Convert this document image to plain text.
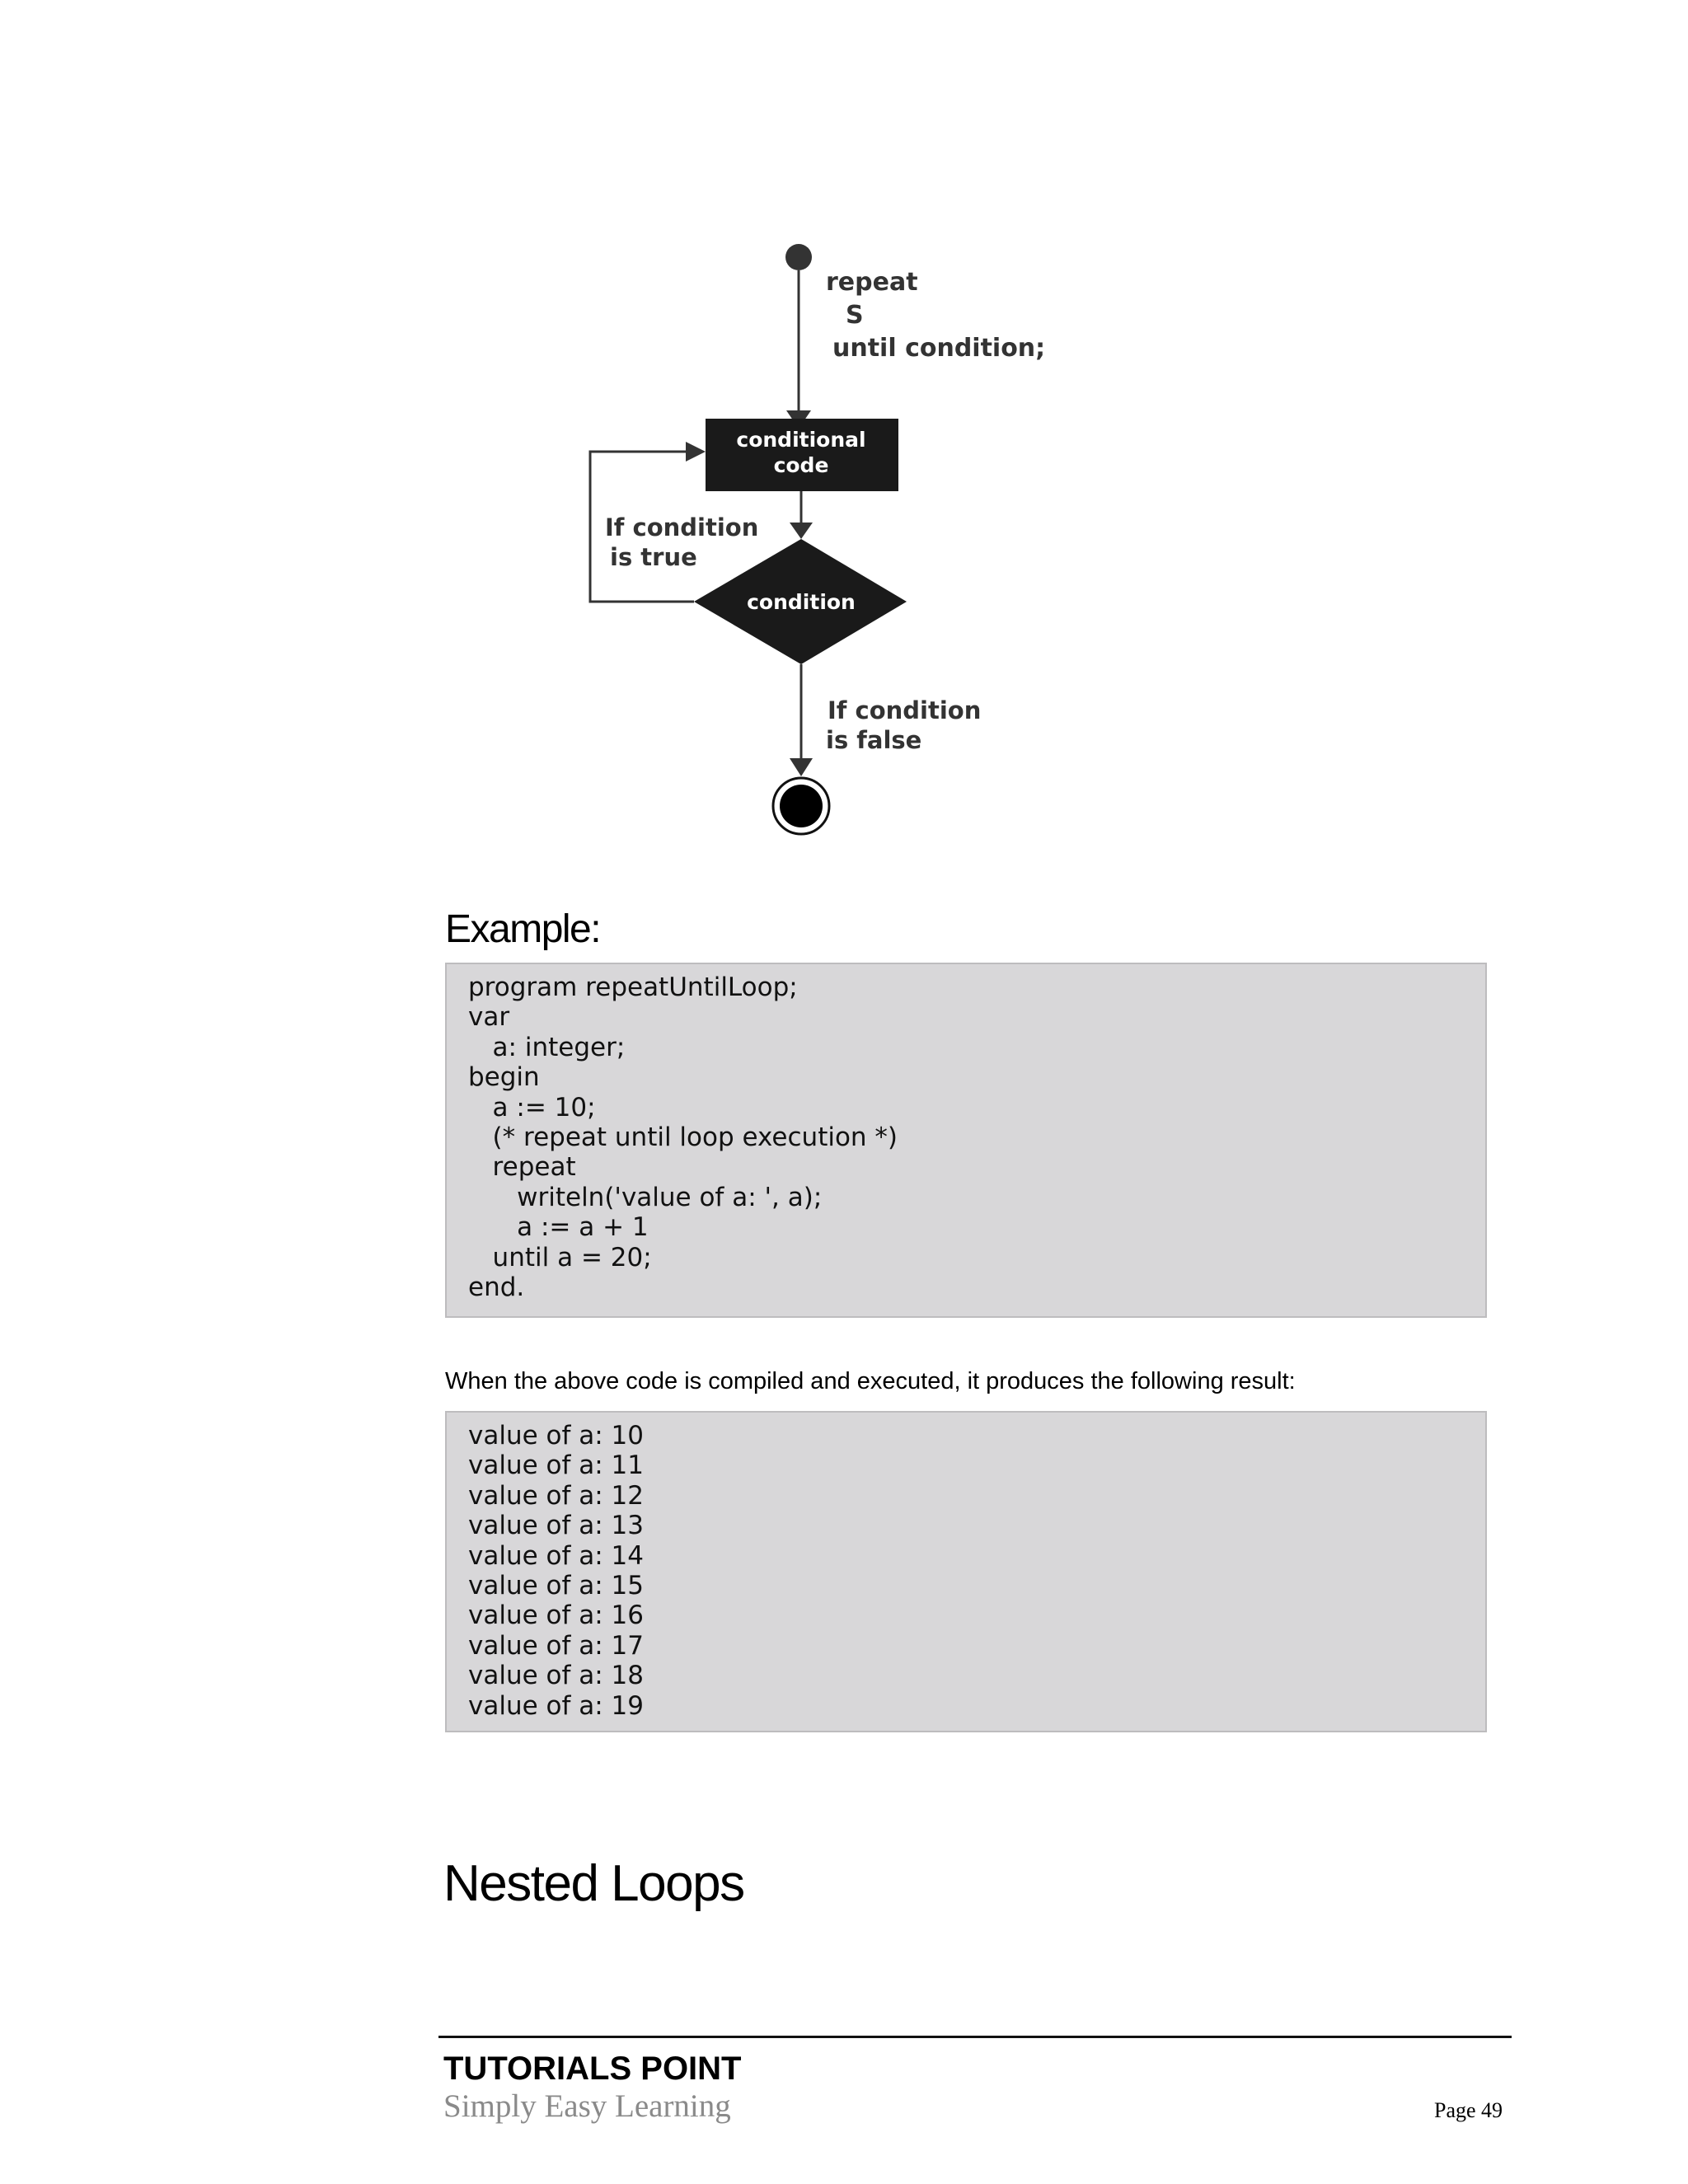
repeat
S
until condition;
conditional
code
condition
If condition
is true
If condition
is false
Example:
program repeatUntilLoop;
var
a: integer;
begin
a := 10;
(* repeat until loop execution *)
repeat
writeln('value of a: ', a);
a := a + 1
until a = 20;
end.

When the above code is compiled and executed, it produces the following result:

value of a: 10
value of a: 11
value of a: 12
value of a: 13
value of a: 14
value of a: 15
value of a: 16
value of a: 17
value of a: 18
value of a: 19
Nested Loops

TUTORIALS POINT

Simply Easy Learning	Page 49
